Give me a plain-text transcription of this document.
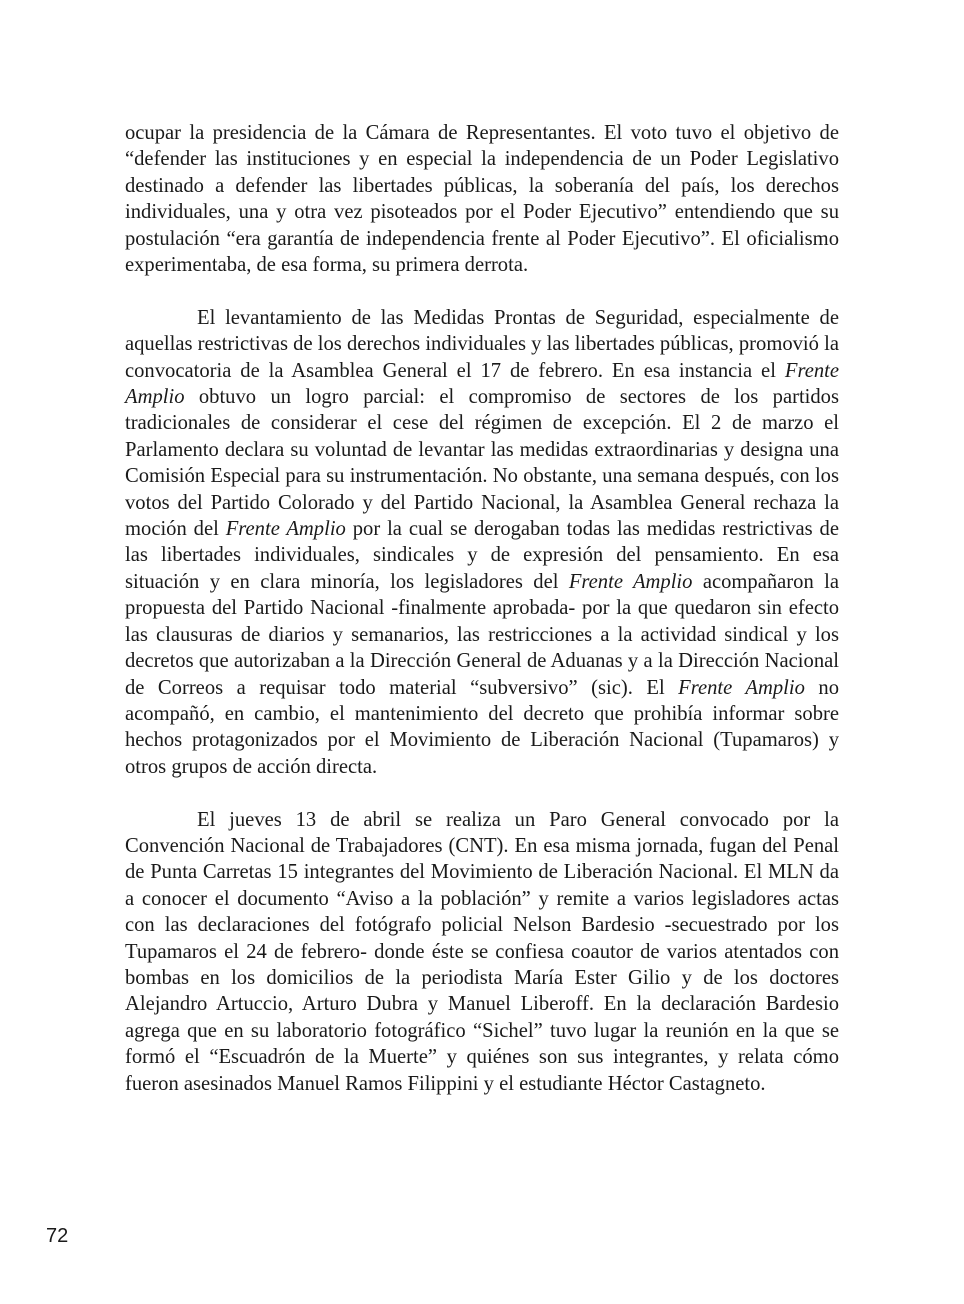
ocupar la presidencia de la Cámara de Representantes. El voto tuvo el objetivo de “defender las instituciones y en especial la independencia de un Poder Legislativo destinado a defender las libertades públicas, la soberanía del país, los derechos individuales, una y otra vez pisoteados por el Poder Ejecutivo” entendiendo que su postulación “era garantía de independencia frente al Poder Ejecutivo”. El oficialismo experimentaba, de esa forma, su primera derrota.

El levantamiento de las Medidas Prontas de Seguridad, especialmente de aquellas restrictivas de los derechos individuales y las libertades públicas, promovió la convocatoria de la Asamblea General el 17 de febrero. En esa instancia el Frente Amplio obtuvo un logro parcial: el compromiso de sectores de los partidos tradicionales de considerar el cese del régimen de excepción. El 2 de marzo el Parlamento declara su voluntad de levantar las medidas extraordinarias y designa una Comisión Especial para su instrumentación. No obstante, una semana después, con los votos del Partido Colorado y del Partido Nacional, la Asamblea General rechaza la moción del Frente Amplio por la cual se derogaban todas las medidas restrictivas de las libertades individuales, sindicales y de expresión del pensamiento. En esa situación y en clara minoría, los legisladores del Frente Amplio acompañaron la propuesta del Partido Nacional -finalmente aprobada- por la que quedaron sin efecto las clausuras de diarios y semanarios, las restricciones a la actividad sindical y los decretos que autorizaban a la Dirección General de Aduanas y a la Dirección Nacional de Correos a requisar todo material “subversivo” (sic). El Frente Amplio no acompañó, en cambio, el mantenimiento del decreto que prohibía informar sobre hechos protagonizados por el Movimiento de Liberación Nacional (Tupamaros) y otros grupos de acción directa.

El jueves 13 de abril se realiza un Paro General convocado por la Convención Nacional de Trabajadores (CNT). En esa misma jornada, fugan del Penal de Punta Carretas 15 integrantes del Movimiento de Liberación Nacional. El MLN da a conocer el documento “Aviso a la población” y remite a varios legisladores actas con las declaraciones del fotógrafo policial Nelson Bardesio -secuestrado por los Tupamaros el 24 de febrero- donde éste se confiesa coautor de varios atentados con bombas en los domicilios de la periodista María Ester Gilio y de los doctores Alejandro Artuccio, Arturo Dubra y Manuel Liberoff. En la declaración Bardesio agrega que en su laboratorio fotográfico “Sichel” tuvo lugar la reunión en la que se formó el “Escuadrón de la Muerte” y quiénes son sus integrantes, y relata cómo fueron asesinados Manuel Ramos Filippini y el estudiante Héctor Castagneto.

72
